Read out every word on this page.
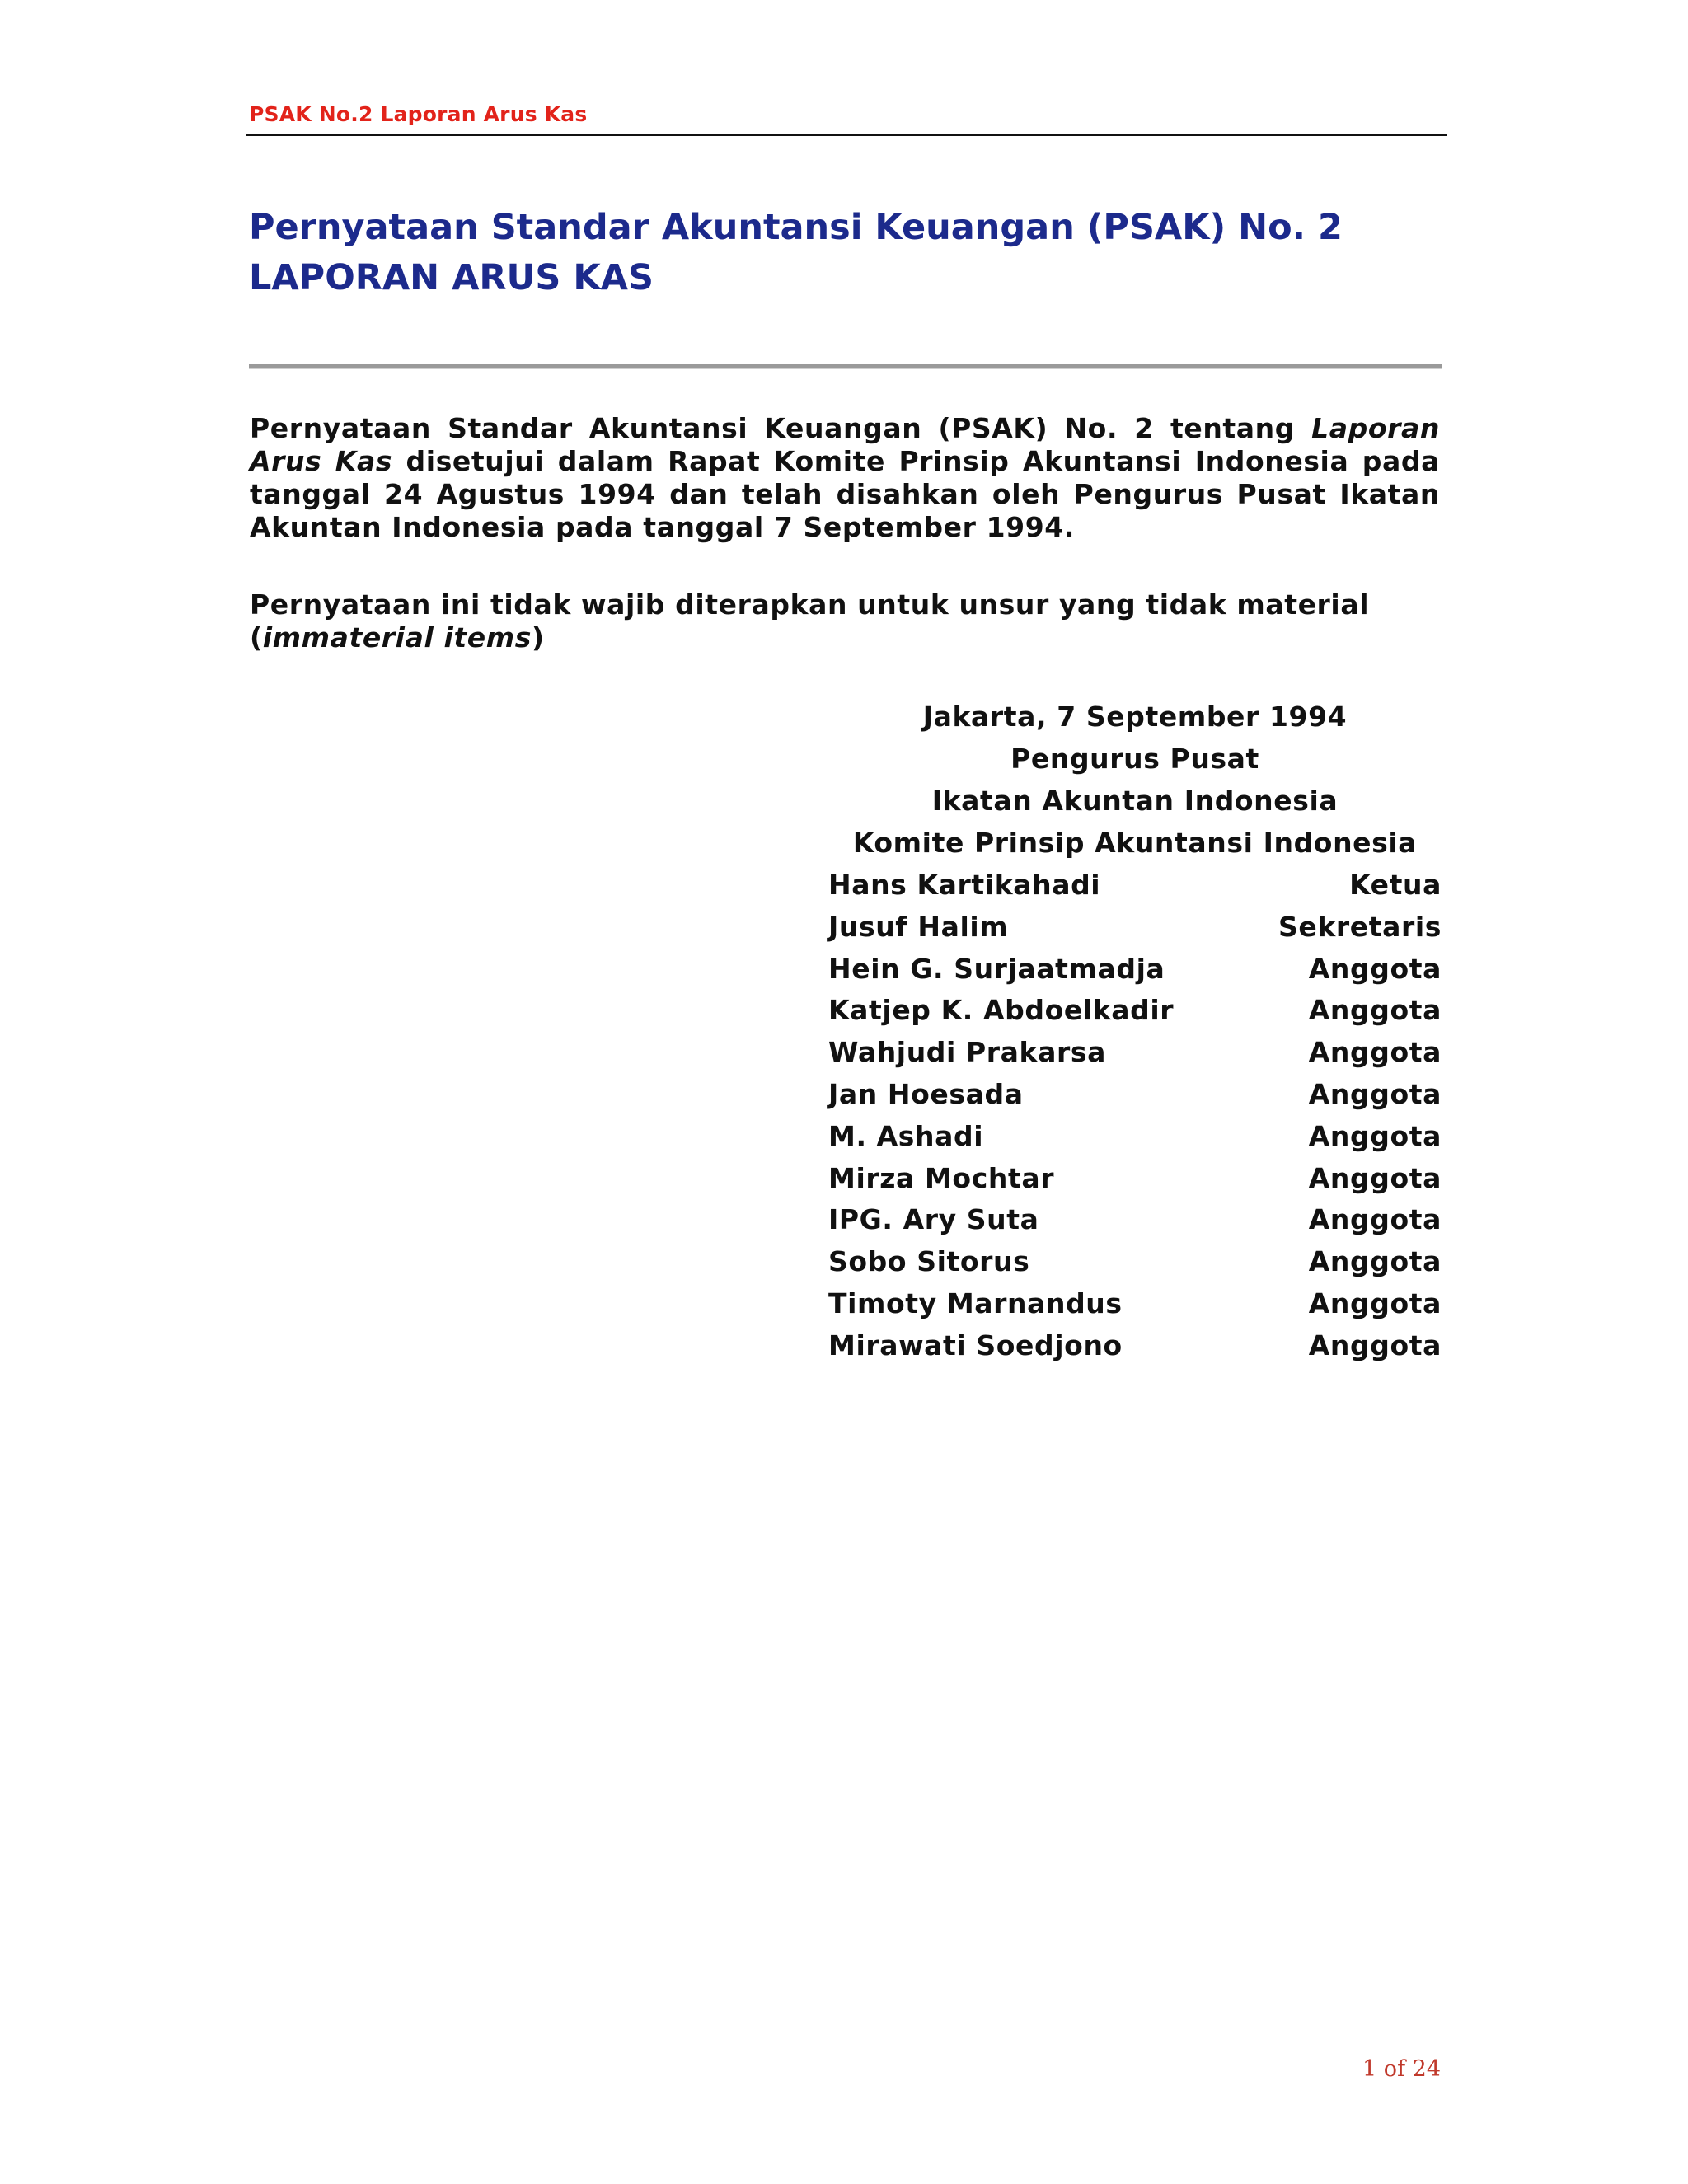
PSAK No.2 Laporan Arus Kas
Pernyataan Standar Akuntansi Keuangan (PSAK) No. 2
LAPORAN ARUS KAS

Pernyataan Standar Akuntansi Keuangan (PSAK) No. 2 tentang Laporan Arus Kas disetujui dalam Rapat Komite Prinsip Akuntansi Indonesia pada tanggal 24 Agustus 1994 dan telah disahkan oleh Pengurus Pusat Ikatan Akuntan Indonesia pada tanggal 7 September 1994.

Pernyataan ini tidak wajib diterapkan untuk unsur yang tidak material (immaterial items)

Jakarta, 7 September 1994
Pengurus Pusat
Ikatan Akuntan Indonesia
Komite Prinsip Akuntansi Indonesia
Hans Kartikahadi	Ketua
Jusuf Halim	Sekretaris
Hein G. Surjaatmadja	Anggota
Katjep K. Abdoelkadir	Anggota
Wahjudi Prakarsa	Anggota
Jan Hoesada	Anggota
M. Ashadi	Anggota
Mirza Mochtar	Anggota
IPG. Ary Suta	Anggota
Sobo Sitorus	Anggota
Timoty Marnandus	Anggota
Mirawati Soedjono	Anggota
1 of 24
